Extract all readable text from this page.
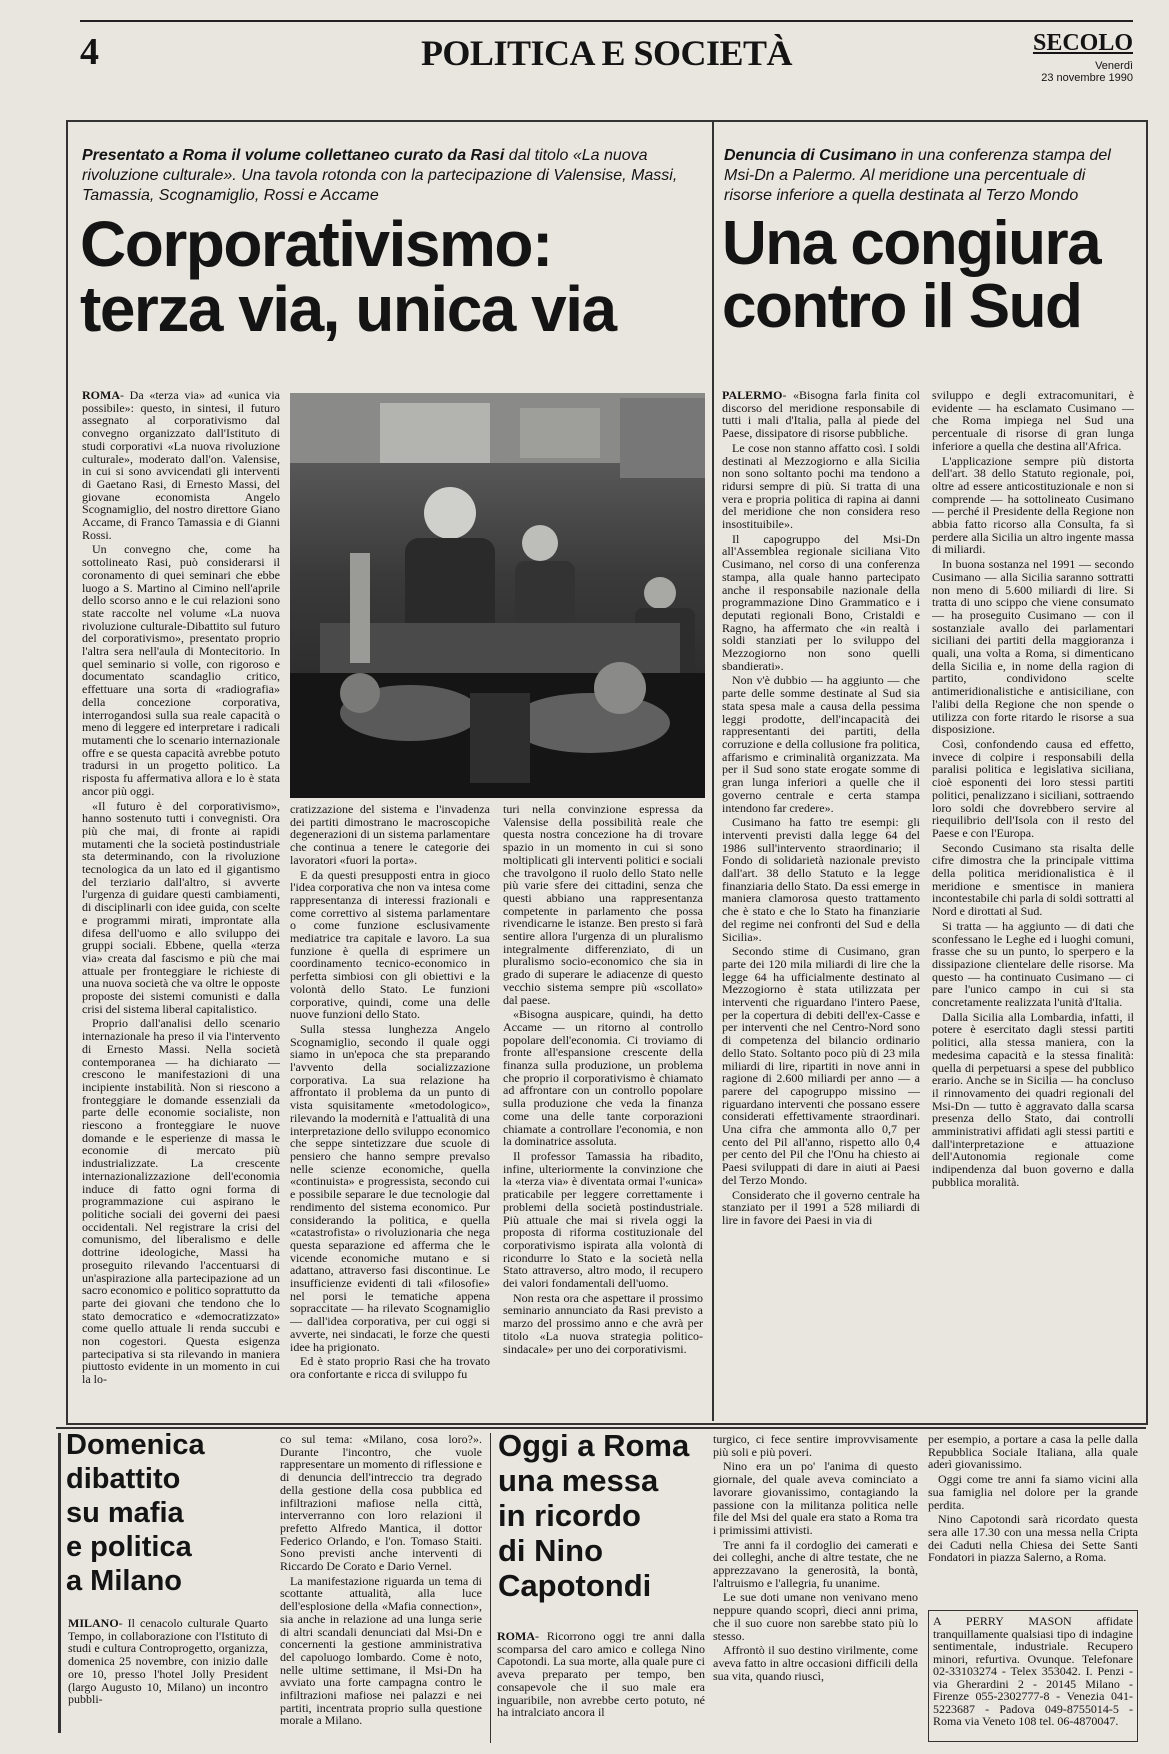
4	POLITICA E SOCIETÀ	SECOLO
Venerdì
23 novembre 1990
Presentato a Roma il volume collettaneo curato da Rasi dal titolo «La nuova rivoluzione culturale». Una tavola rotonda con la partecipazione di Valensise, Massi, Tamassia, Scognamiglio, Rossi e Accame
Corporativismo:
terza via, unica via

ROMA- Da «terza via» ad «unica via possibile»: questo, in sintesi, il futuro assegnato al corporativismo dal convegno organizzato dall'Istituto di studi corporativi «La nuova rivoluzione culturale», moderato dall'on. Valensise, in cui si sono avvicendati gli interventi di Gaetano Rasi, di Ernesto Massi, del giovane economista Angelo Scognamiglio, del nostro direttore Giano Accame, di Franco Tamassia e di Gianni Rossi.

Un convegno che, come ha sottolineato Rasi, può considerarsi il coronamento di quei seminari che ebbe luogo a S. Martino al Cimino nell'aprile dello scorso anno e le cui relazioni sono state raccolte nel volume «La nuova rivoluzione culturale-Dibattito sul futuro del corporativismo», presentato proprio l'altra sera nell'aula di Montecitorio. In quel seminario si volle, con rigoroso e documentato scandaglio critico, effettuare una sorta di «radiografia» della concezione corporativa, interrogandosi sulla sua reale capacità o meno di leggere ed interpretare i radicali mutamenti che lo scenario internazionale offre e se questa capacità avrebbe potuto tradursi in un progetto politico. La risposta fu affermativa allora e lo è stata ancor più oggi.

«Il futuro è del corporativismo», hanno sostenuto tutti i convegnisti. Ora più che mai, di fronte ai rapidi mutamenti che la società postindustriale sta determinando, con la rivoluzione tecnologica da un lato ed il gigantismo del terziario dall'altro, si avverte l'urgenza di guidare questi cambiamenti, di disciplinarli con idee guida, con scelte e programmi mirati, improntate alla difesa dell'uomo e allo sviluppo dei gruppi sociali. Ebbene, quella «terza via» creata dal fascismo e più che mai attuale per fronteggiare le richieste di una nuova società che va oltre le opposte proposte dei sistemi comunisti e dalla crisi del sistema liberal capitalistico.

Proprio dall'analisi dello scenario internazionale ha preso il via l'intervento di Ernesto Massi. Nella società contemporanea — ha dichiarato — crescono le manifestazioni di una incipiente instabilità. Non si riescono a fronteggiare le domande essenziali da parte delle economie socialiste, non riescono a fronteggiare le nuove domande e le esperienze di massa le economie di mercato più industrializzate. La crescente internazionalizzazione dell'economia induce di fatto ogni forma di programmazione cui aspirano le politiche sociali dei governi dei paesi occidentali. Nel registrare la crisi del comunismo, del liberalismo e delle dottrine ideologiche, Massi ha proseguito rilevando l'accentuarsi di un'aspirazione alla partecipazione ad un sacro economico e politico soprattutto da parte dei giovani che tendono che lo stato democratico e «democratizzato» come quello attuale li renda succubi e non cogestori. Questa esigenza partecipativa si sta rilevando in maniera piuttosto evidente in un momento in cui la lo-

cratizzazione del sistema e l'invadenza dei partiti dimostrano le macroscopiche degenerazioni di un sistema parlamentare che continua a tenere le categorie dei lavoratori «fuori la porta».

E da questi presupposti entra in gioco l'idea corporativa che non va intesa come rappresentanza di interessi frazionali e come correttivo al sistema parlamentare o come funzione esclusivamente mediatrice tra capitale e lavoro. La sua funzione è quella di esprimere un coordinamento tecnico-economico in perfetta simbiosi con gli obiettivi e la volontà dello Stato. Le funzioni corporative, quindi, come una delle nuove funzioni dello Stato.

Sulla stessa lunghezza Angelo Scognamiglio, secondo il quale oggi siamo in un'epoca che sta preparando l'avvento della socializzazione corporativa. La sua relazione ha affrontato il problema da un punto di vista squisitamente «metodologico», rilevando la modernità e l'attualità di una interpretazione dello sviluppo economico che seppe sintetizzare due scuole di pensiero che hanno sempre prevalso nelle scienze economiche, quella «continuista» e progressista, secondo cui e possibile separare le due tecnologie dal rendimento del sistema economico. Pur considerando la politica, e quella «catastrofista» o rivoluzionaria che nega questa separazione ed afferma che le vicende economiche mutano e si adattano, attraverso fasi discontinue. Le insufficienze evidenti di tali «filosofie» nel porsi le tematiche appena sopraccitate — ha rilevato Scognamiglio — dall'idea corporativa, per cui oggi si avverte, nei sindacati, le forze che questi idee ha prigionato.

Ed è stato proprio Rasi che ha trovato ora confortante e ricca di sviluppo fu

turi nella convinzione espressa da Valensise della possibilità reale che questa nostra concezione ha di trovare spazio in un momento in cui si sono moltiplicati gli interventi politici e sociali che travolgono il ruolo dello Stato nelle più varie sfere dei cittadini, senza che questi abbiano una rappresentanza competente in parlamento che possa rivendicarne le istanze. Ben presto si farà sentire allora l'urgenza di un pluralismo integralmente differenziato, di un pluralismo socio-economico che sia in grado di superare le adiacenze di questo vecchio sistema sempre più «scollato» dal paese.

«Bisogna auspicare, quindi, ha detto Accame — un ritorno al controllo popolare dell'economia. Ci troviamo di fronte all'espansione crescente della finanza sulla produzione, un problema che proprio il corporativismo è chiamato ad affrontare con un controllo popolare sulla produzione che veda la finanza come una delle tante corporazioni chiamate a controllare l'economia, e non la dominatrice assoluta.

Il professor Tamassia ha ribadito, infine, ulteriormente la convinzione che la «terza via» è diventata ormai l'«unica» praticabile per leggere correttamente i problemi della società postindustriale. Più attuale che mai si rivela oggi la proposta di riforma costituzionale del corporativismo ispirata alla volontà di ricondurre lo Stato e la società nella Stato attraverso, altro modo, il recupero dei valori fondamentali dell'uomo.

Non resta ora che aspettare il prossimo seminario annunciato da Rasi previsto a marzo del prossimo anno e che avrà per titolo «La nuova strategia politico-sindacale» per uno dei corporativismi.

Denuncia di Cusimano in una conferenza stampa del Msi-Dn a Palermo. Al meridione una percentuale di risorse inferiore a quella destinata al Terzo Mondo
Una congiura
contro il Sud

PALERMO- «Bisogna farla finita col discorso del meridione responsabile di tutti i mali d'Italia, palla al piede del Paese, dissipatore di risorse pubbliche.

Le cose non stanno affatto così. I soldi destinati al Mezzogiorno e alla Sicilia non sono soltanto pochi ma tendono a ridursi sempre di più. Si tratta di una vera e propria politica di rapina ai danni del meridione che non considera reso insostituibile».

Il capogruppo del Msi-Dn all'Assemblea regionale siciliana Vito Cusimano, nel corso di una conferenza stampa, alla quale hanno partecipato anche il responsabile nazionale della programmazione Dino Grammatico e i deputati regionali Bono, Cristaldi e Ragno, ha affermato che «in realtà i soldi stanziati per lo sviluppo del Mezzogiorno non sono quelli sbandierati».

Non v'è dubbio — ha aggiunto — che parte delle somme destinate al Sud sia stata spesa male a causa della pessima leggi prodotte, dell'incapacità dei rappresentanti dei partiti, della corruzione e della collusione fra politica, affarismo e criminalità organizzata. Ma per il Sud sono state erogate somme di gran lunga inferiori a quelle che il governo centrale e certa stampa intendono far credere».

Cusimano ha fatto tre esempi: gli interventi previsti dalla legge 64 del 1986 sull'intervento straordinario; il Fondo di solidarietà nazionale previsto dall'art. 38 dello Statuto e la legge finanziaria dello Stato. Da essi emerge in maniera clamorosa questo trattamento che è stato e che lo Stato ha finanziarie del regime nei confronti del Sud e della Sicilia».

Secondo stime di Cusimano, gran parte dei 120 mila miliardi di lire che la legge 64 ha ufficialmente destinato al Mezzogiorno è stata utilizzata per interventi che riguardano l'intero Paese, per la copertura di debiti dell'ex-Casse e per interventi che nel Centro-Nord sono di competenza del bilancio ordinario dello Stato. Soltanto poco più di 23 mila miliardi di lire, ripartiti in nove anni in ragione di 2.600 miliardi per anno — a parere del capogruppo missino — riguardano interventi che possano essere considerati effettivamente straordinari. Una cifra che ammonta allo 0,7 per cento del Pil all'anno, rispetto allo 0,4 per cento del Pil che l'Onu ha chiesto ai Paesi sviluppati di dare in aiuti ai Paesi del Terzo Mondo.

Considerato che il governo centrale ha stanziato per il 1991 a 528 miliardi di lire in favore dei Paesi in via di

sviluppo e degli extracomunitari, è evidente — ha esclamato Cusimano — che Roma impiega nel Sud una percentuale di risorse di gran lunga inferiore a quella che destina all'Africa.

L'applicazione sempre più distorta dell'art. 38 dello Statuto regionale, poi, oltre ad essere anticostituzionale e non si comprende — ha sottolineato Cusimano — perché il Presidente della Regione non abbia fatto ricorso alla Consulta, fa sì perdere alla Sicilia un altro ingente massa di miliardi.

In buona sostanza nel 1991 — secondo Cusimano — alla Sicilia saranno sottratti non meno di 5.600 miliardi di lire. Si tratta di uno scippo che viene consumato — ha proseguito Cusimano — con il sostanziale avallo dei parlamentari siciliani dei partiti della maggioranza i quali, una volta a Roma, si dimenticano della Sicilia e, in nome della ragion di partito, condividono scelte antimeridionalistiche e antisiciliane, con l'alibi della Regione che non spende o utilizza con forte ritardo le risorse a sua disposizione.

Così, confondendo causa ed effetto, invece di colpire i responsabili della paralisi politica e legislativa siciliana, cioè esponenti dei loro stessi partiti politici, penalizzano i siciliani, sottraendo loro soldi che dovrebbero servire al riequilibrio dell'Isola con il resto del Paese e con l'Europa.

Secondo Cusimano sta risalta delle cifre dimostra che la principale vittima della politica meridionalistica è il meridione e smentisce in maniera incontestabile chi parla di soldi sottratti al Nord e dirottati al Sud.

Si tratta — ha aggiunto — di dati che sconfessano le Leghe ed i luoghi comuni, frasse che su un punto, lo sperpero e la dissipazione clientelare delle risorse. Ma questo — ha continuato Cusimano — ci pare l'unico campo in cui si sta concretamente realizzata l'unità d'Italia.

Dalla Sicilia alla Lombardia, infatti, il potere è esercitato dagli stessi partiti politici, alla stessa maniera, con la medesima capacità e la stessa finalità: quella di perpetuarsi a spese del pubblico erario. Anche se in Sicilia — ha concluso il rinnovamento dei quadri regionali del Msi-Dn — tutto è aggravato dalla scarsa presenza dello Stato, dai controlli amministrativi affidati agli stessi partiti e dall'interpretazione e attuazione dell'Autonomia regionale come indipendenza dal buon governo e dalla pubblica moralità.

Domenica
dibattito
su mafia
e politica
a Milano

MILANO- Il cenacolo culturale Quarto Tempo, in collaborazione con l'Istituto di studi e cultura Controprogetto, organizza, domenica 25 novembre, con inizio dalle ore 10, presso l'hotel Jolly President (largo Augusto 10, Milano) un incontro pubbli-

co sul tema: «Milano, cosa loro?». Durante l'incontro, che vuole rappresentare un momento di riflessione e di denuncia dell'intreccio tra degrado della gestione della cosa pubblica ed infiltrazioni mafiose nella città, interverranno con loro relazioni il prefetto Alfredo Mantica, il dottor Federico Orlando, e l'on. Tomaso Staiti. Sono previsti anche interventi di Riccardo De Corato e Dario Vernel.

La manifestazione riguarda un tema di scottante attualità, alla luce dell'esplosione della «Mafia connection», sia anche in relazione ad una lunga serie di altri scandali denunciati dal Msi-Dn e concernenti la gestione amministrativa del capoluogo lombardo. Come è noto, nelle ultime settimane, il Msi-Dn ha avviato una forte campagna contro le infiltrazioni mafiose nei palazzi e nei partiti, incentrata proprio sulla questione morale a Milano.

Oggi a Roma
una messa
in ricordo
di Nino
Capotondi

ROMA- Ricorrono oggi tre anni dalla scomparsa del caro amico e collega Nino Capotondi. La sua morte, alla quale pure ci aveva preparato per tempo, ben consapevole che il suo male era inguaribile, non avrebbe certo potuto, né ha intralciato ancora il

turgico, ci fece sentire improvvisamente più soli e più poveri.

Nino era un po' l'anima di questo giornale, del quale aveva cominciato a lavorare giovanissimo, contagiando la passione con la militanza politica nelle file del Msi del quale era stato a Roma tra i primissimi attivisti.

Tre anni fa il cordoglio dei camerati e dei colleghi, anche di altre testate, che ne apprezzavano la generosità, la bontà, l'altruismo e l'allegria, fu unanime.

Le sue doti umane non venivano meno neppure quando scoprì, dieci anni prima, che il suo cuore non sarebbe stato più lo stesso.

Affrontò il suo destino virilmente, come aveva fatto in altre occasioni difficili della sua vita, quando riuscì,

per esempio, a portare a casa la pelle dalla Repubblica Sociale Italiana, alla quale aderì giovanissimo.

Oggi come tre anni fa siamo vicini alla sua famiglia nel dolore per la grande perdita.

Nino Capotondi sarà ricordato questa sera alle 17.30 con una messa nella Cripta dei Caduti nella Chiesa dei Sette Santi Fondatori in piazza Salerno, a Roma.

A PERRY MASON affidate tranquillamente qualsiasi tipo di indagine sentimentale, industriale. Recupero minori, refurtiva. Ovunque. Telefonare 02-33103274 - Telex 353042. I. Penzi - via Gherardini 2 - 20145 Milano - Firenze 055-2302777-8 - Venezia 041-5223687 - Padova 049-8755014-5 - Roma via Veneto 108 tel. 06-4870047.
